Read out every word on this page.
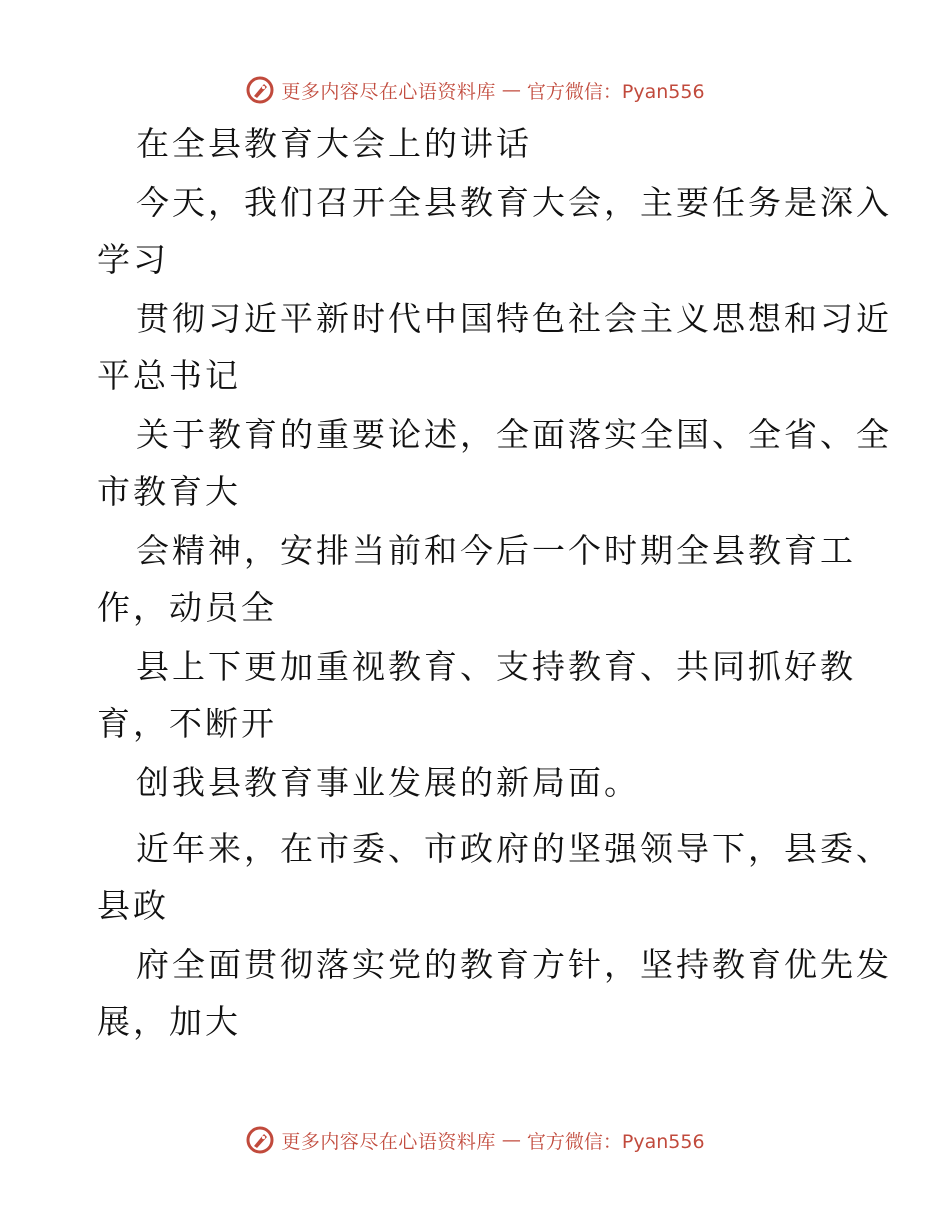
更多内容尽在心语资料库 — 官方微信：Pyan556
在全县教育大会上的讲话
今天，我们召开全县教育大会，主要任务是深入
学习
贯彻习近平新时代中国特色社会主义思想和习近
平总书记
关于教育的重要论述，全面落实全国、全省、全
市教育大
会精神，安排当前和今后一个时期全县教育工
作，动员全
县上下更加重视教育、支持教育、共同抓好教
育，不断开
创我县教育事业发展的新局面。
近年来，在市委、市政府的坚强领导下，县委、
县政
府全面贯彻落实党的教育方针，坚持教育优先发
展，加大
更多内容尽在心语资料库 — 官方微信：Pyan556
